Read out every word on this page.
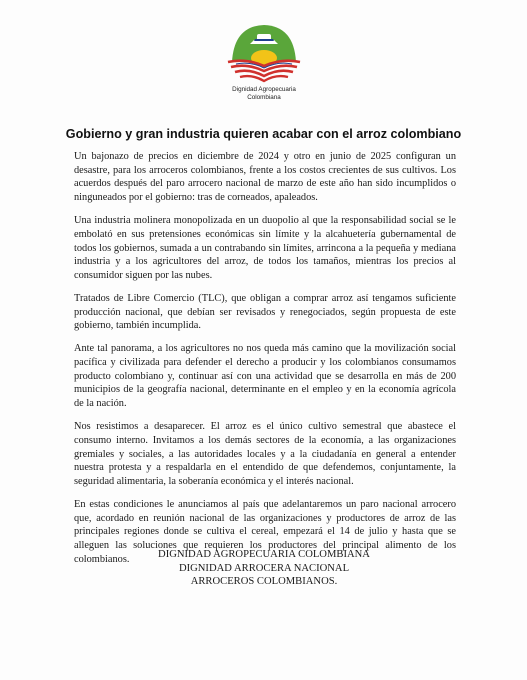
Dignidad Agropecuaria
Colombiana
Gobierno y gran industria quieren acabar con el arroz colombiano

Un bajonazo de precios en diciembre de 2024 y otro en junio de 2025 configuran un desastre, para los arroceros colombianos, frente a los costos crecientes de sus cultivos. Los acuerdos después del paro arrocero nacional de marzo de este año han sido incumplidos o ninguneados por el gobierno: tras de corneados, apaleados.

Una industria molinera monopolizada en un duopolio al que la responsabilidad social se le embolató en sus pretensiones económicas sin límite y la alcahuetería gubernamental de todos los gobiernos, sumada a un contrabando sin límites, arrincona a la pequeña y mediana industria y a los agricultores del arroz, de todos los tamaños, mientras los precios al consumidor siguen por las nubes.

Tratados de Libre Comercio (TLC), que obligan a comprar arroz así tengamos suficiente producción nacional, que debían ser revisados y renegociados, según propuesta de este gobierno, también incumplida.

Ante tal panorama, a los agricultores no nos queda más camino que la movilización social pacífica y civilizada para defender el derecho a producir y los colombianos consumamos producto colombiano y, continuar así con una actividad que se desarrolla en más de 200 municipios de la geografía nacional, determinante en el empleo y en la economía agrícola de la nación.

Nos resistimos a desaparecer. El arroz es el único cultivo semestral que abastece el consumo interno. Invitamos a los demás sectores de la economía, a las organizaciones gremiales y sociales, a las autoridades locales y a la ciudadanía en general a entender nuestra protesta y a respaldarla en el entendido de que defendemos, conjuntamente, la seguridad alimentaria, la soberanía económica y el interés nacional.

En estas condiciones le anunciamos al país que adelantaremos un paro nacional arrocero que, acordado en reunión nacional de las organizaciones y productores de arroz de las principales regiones donde se cultiva el cereal, empezará el 14 de julio y hasta que se alleguen las soluciones que requieren los productores del principal alimento de los colombianos.	DIGNIDAD AGROPECUARIA COLOMBIANA
DIGNIDAD ARROCERA NACIONAL
ARROCEROS COLOMBIANOS.
